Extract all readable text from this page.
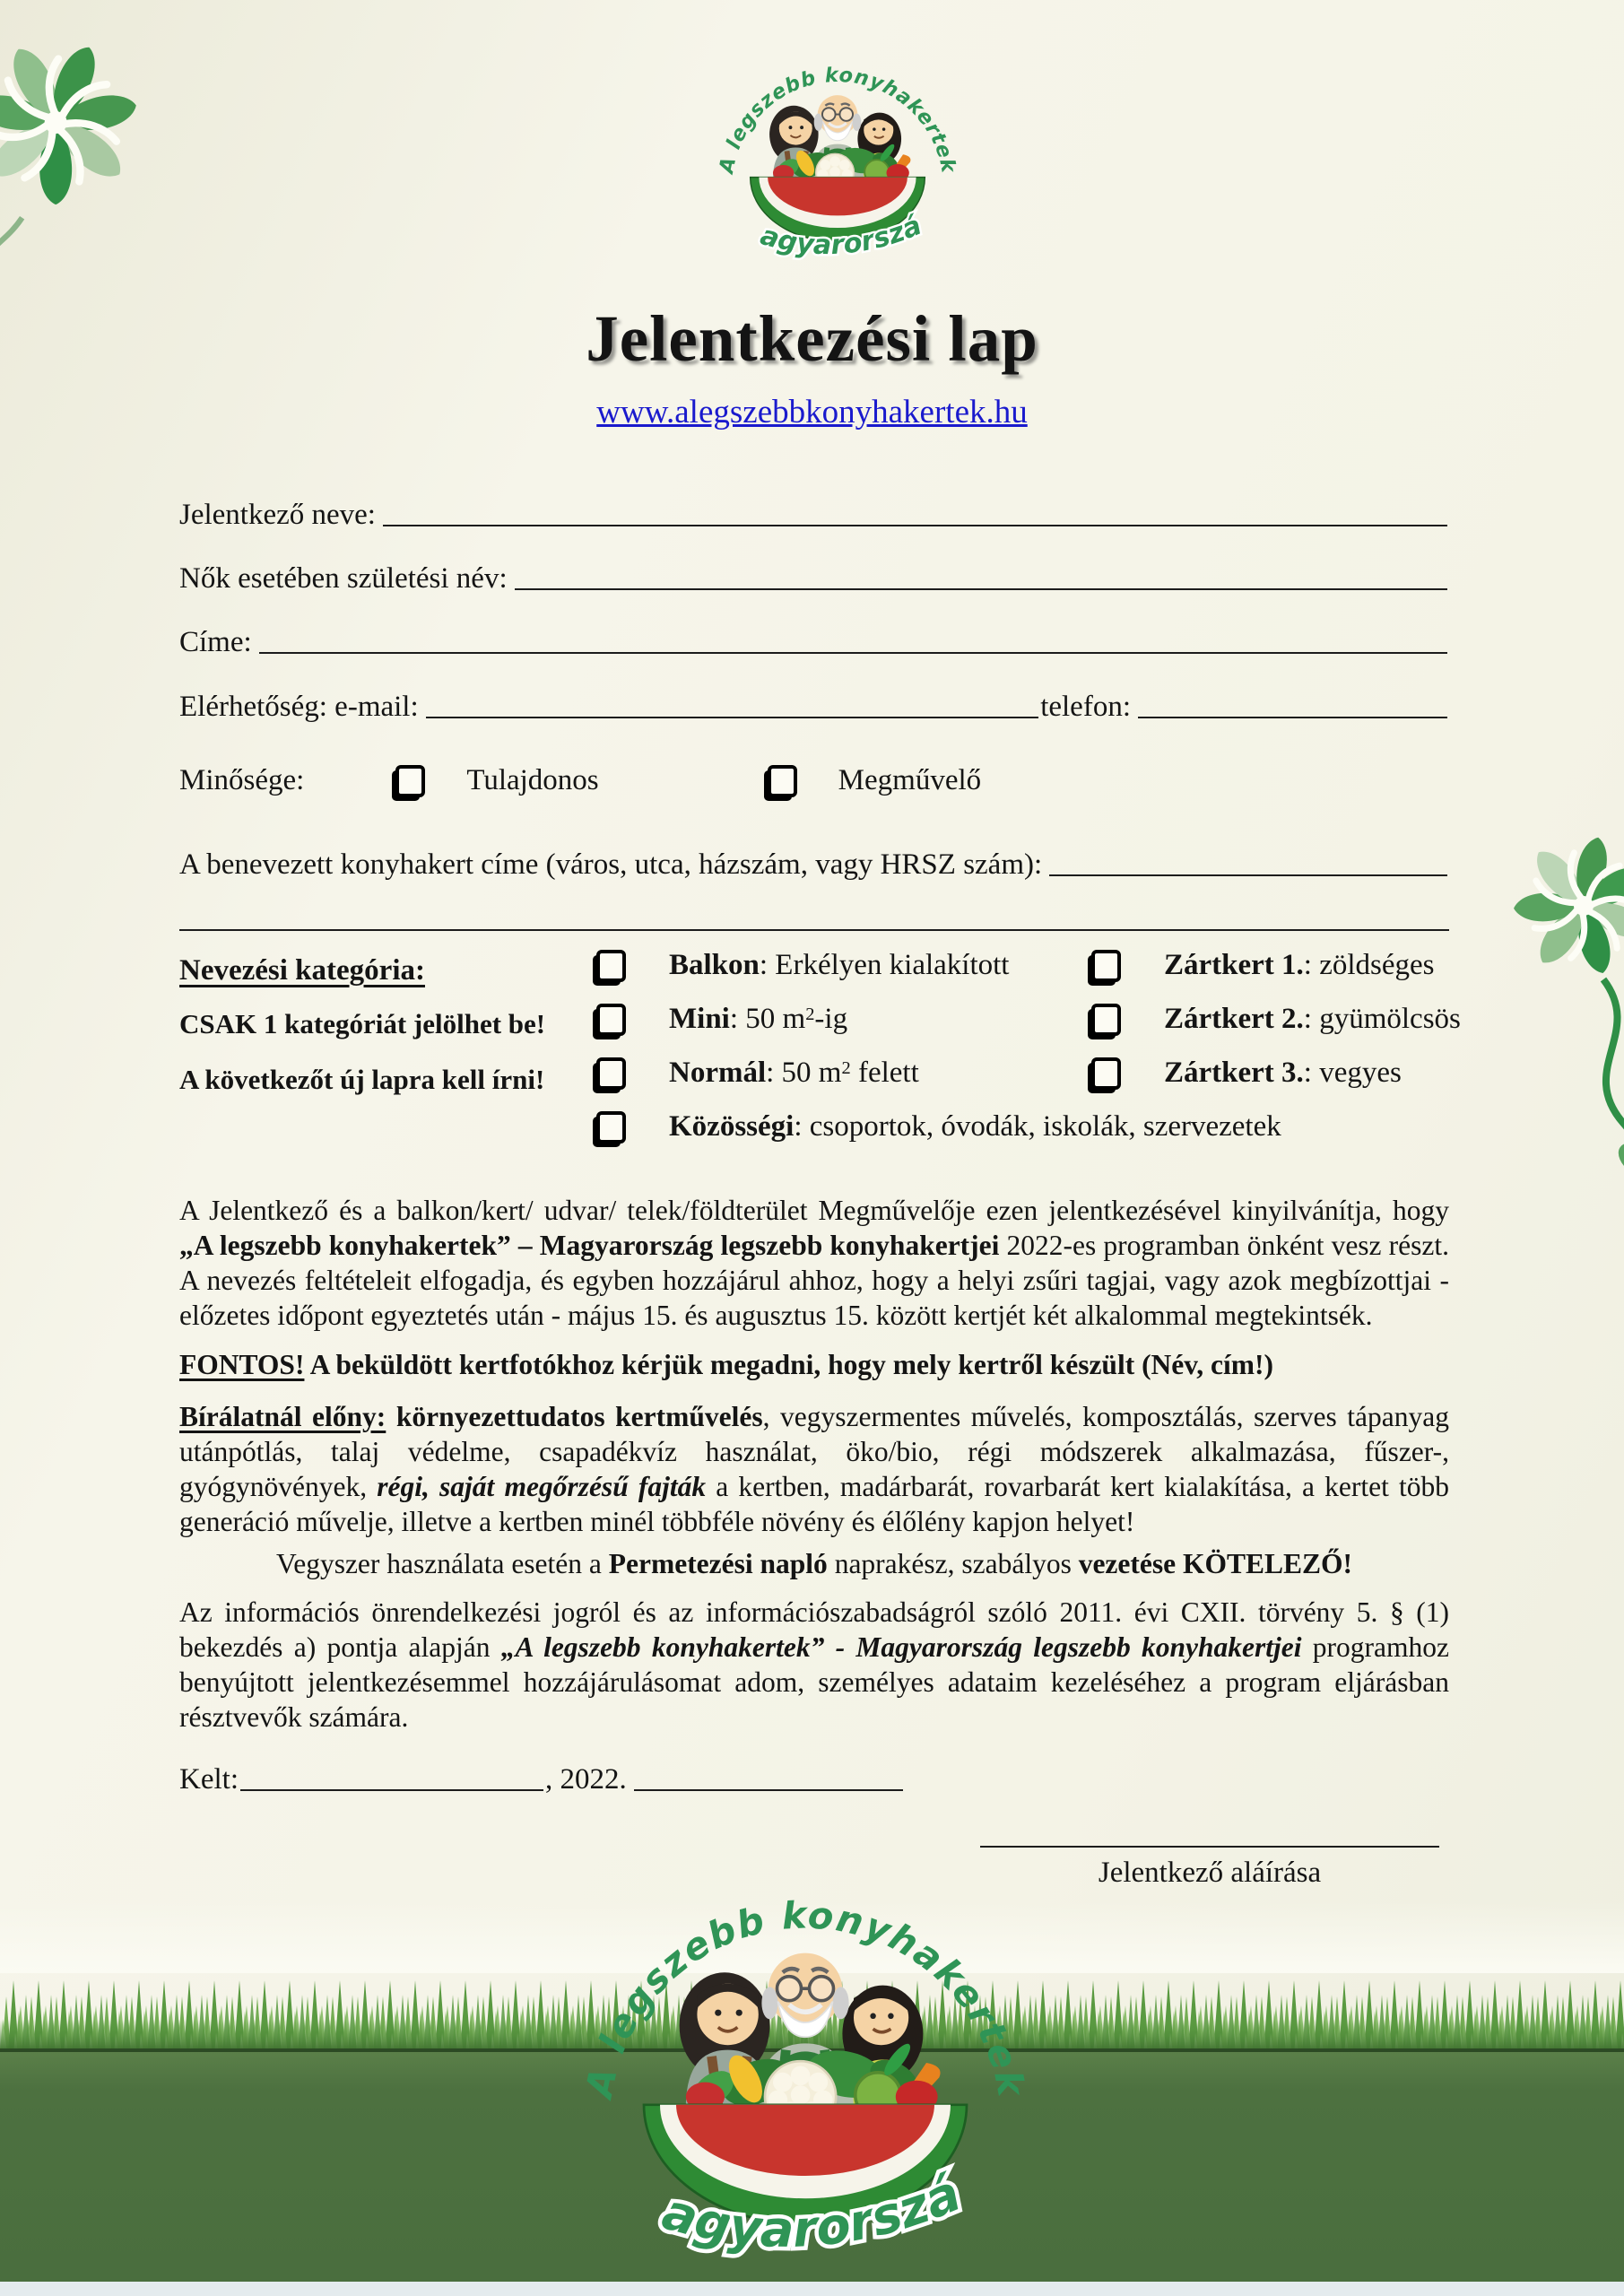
Jelentkezési lap
www.alegszebbkonyhakertek.hu
Jelentkező neve:
Nők esetében születési név:
Címe:
Elérhetőség: e-mail:	telefon:
Minősége:	Tulajdonos	Megművelő
A benevezett konyhakert címe (város, utca, házszám, vagy HRSZ szám):
Nevezési kategória:
CSAK 1 kategóriát jelölhet be!
A következőt új lapra kell írni!
Balkon: Erkélyen kialakított
Mini: 50 $m^2-ig$
Normál: 50 $m^2$ felett
Közösségi: csoportok, óvodák, iskolák, szervezetek
Zártkert 1.: zöldséges
Zártkert 2.: gyümölcsös
Zártkert 3.: vegyes

A Jelentkező és a balkon/kert/ udvar/ telek/földterület Megművelője ezen jelentkezésével kinyilvánítja, hogy „A legszebb konyhakertek” – Magyarország legszebb konyhakertjei 2022-es programban önként vesz részt. A nevezés feltételeit elfogadja, és egyben hozzájárul ahhoz, hogy a helyi zsűri tagjai, vagy azok megbízottjai - előzetes időpont egyeztetés után - május 15. és augusztus 15. között kertjét két alkalommal megtekintsék.

FONTOS! A beküldött kertfotókhoz kérjük megadni, hogy mely kertről készült (Név, cím!)
Bírálatnál előny: környezettudatos kertművelés, vegyszermentes művelés, komposztálás, szerves tápanyag utánpótlás, talaj védelme, csapadékvíz használat, öko/bio, régi módszerek alkalmazása, fűszer-, gyógynövények, régi, saját megőrzésű fajták a kertben, madárbarát, rovarbarát kert kialakítása, a kertet több generáció művelje, illetve a kertben minél többféle növény és élőlény kapjon helyet!
Vegyszer használata esetén a Permetezési napló naprakész, szabályos vezetése KÖTELEZŐ!
Az információs önrendelkezési jogról és az információszabadságról szóló 2011. évi CXII. törvény 5. § (1) bekezdés a) pontja alapján „A legszebb konyhakertek” - Magyarország legszebb konyhakertjei programhoz benyújtott jelentkezésemmel hozzájárulásomat adom, személyes adataim kezeléséhez a program eljárásban résztvevők számára.
Kelt:	, 2022.
Jelentkező aláírása
